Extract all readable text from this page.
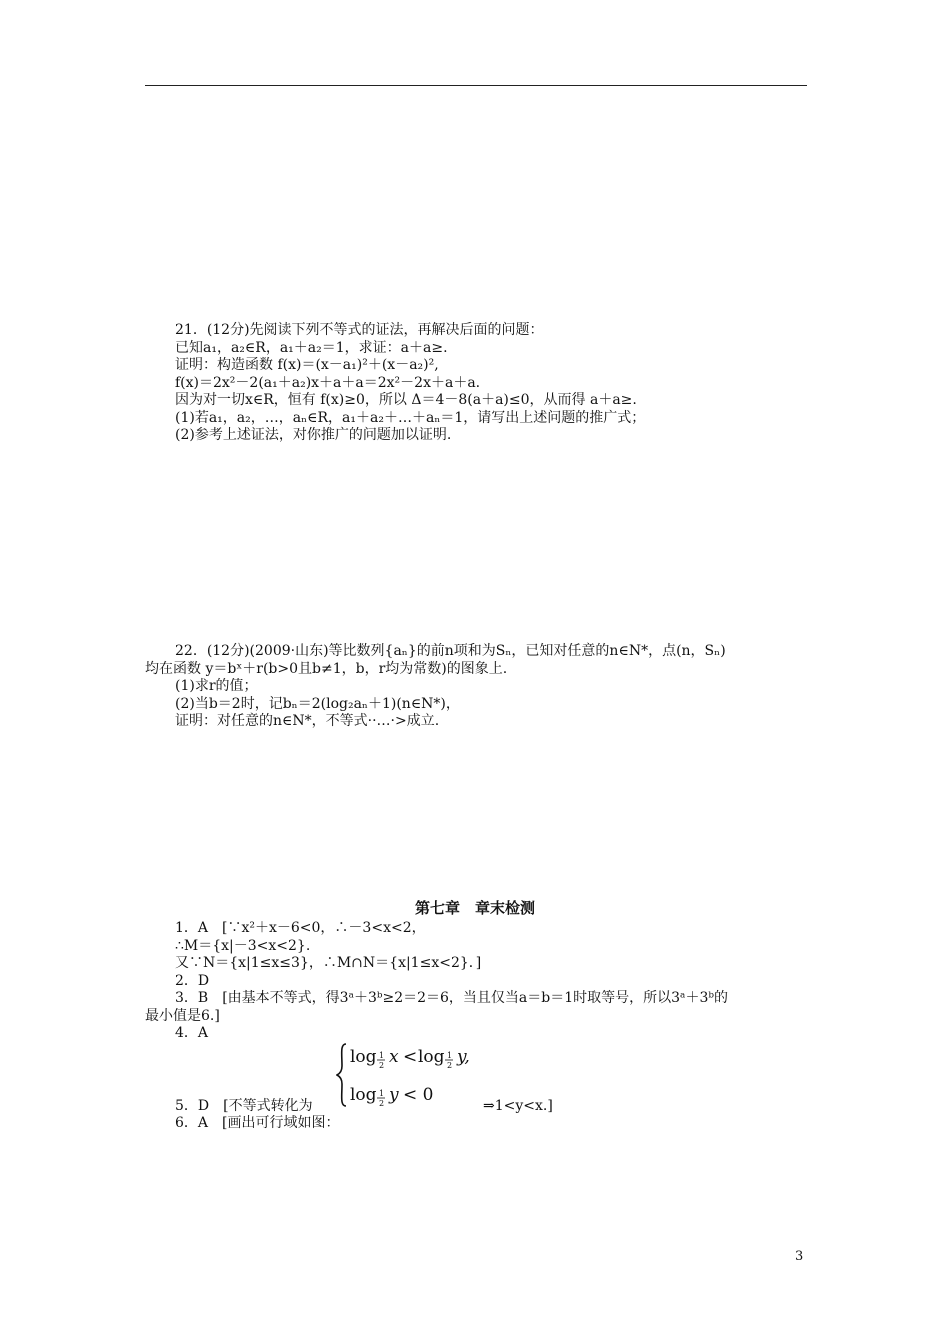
21．(12分)先阅读下列不等式的证法，再解决后面的问题：
已知a₁，a₂∈R，a₁＋a₂＝1，求证：a＋a≥.
证明：构造函数 f(x)＝(x－a₁)²＋(x－a₂)²,
f(x)＝2x²－2(a₁＋a₂)x＋a＋a＝2x²－2x＋a＋a.
因为对一切x∈R，恒有 f(x)≥0，所以 Δ＝4－8(a＋a)≤0，从而得 a＋a≥.
(1)若a₁，a₂，…，aₙ∈R，a₁＋a₂＋…＋aₙ＝1，请写出上述问题的推广式；
(2)参考上述证法，对你推广的问题加以证明.
22．(12分)(2009·山东)等比数列{aₙ}的前n项和为Sₙ，已知对任意的n∈N*，点(n，Sₙ)
均在函数 y＝bˣ＋r(b>0且b≠1，b，r均为常数)的图象上.
(1)求r的值；
(2)当b＝2时，记bₙ＝2(log₂aₙ＋1)(n∈N*)，
证明：对任意的n∈N*，不等式··…·>成立.
第七章　章末检测
1．A　[∵x²＋x－6<0，∴－3<x<2，
∴M＝{x|－3<x<2}.
又∵N＝{x|1≤x≤3}，∴M∩N＝{x|1≤x<2}．]
2．D
3．B　[由基本不等式，得3ᵃ＋3ᵇ≥2＝2＝6，当且仅当a＝b＝1时取等号，所以3ᵃ＋3ᵇ的
最小值是6.]
4．A
log 1
2 x < log 1
2 y,
log 1
2 y < 0
5．D　[不等式转化为	⇒1<y<x.]
6．A　[画出可行域如图：
3
